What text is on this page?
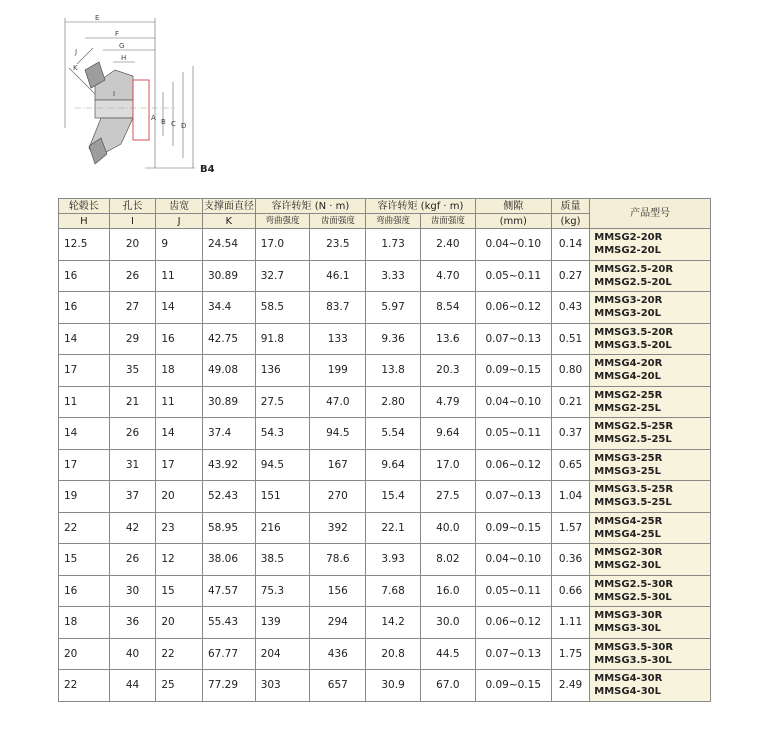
E
F
G
H
J
K
I
A B C D
B4
轮毂长	孔长	齿宽	支撑面直径	容许转矩 (N · m)		容许转矩 (kgf · m)		侧隙	质量	产品型号
H	I	J	K	弯曲强度	齿面强度	弯曲强度	齿面强度	(mm)	(kg)	
12.5	20	9	24.54	17.0	23.5	1.73	2.40	0.04~0.10	0.14	MMSG2-20R
MMSG2-20L

16	26	11	30.89	32.7	46.1	3.33	4.70	0.05~0.11	0.27	MMSG2.5-20R
MMSG2.5-20L

16	27	14	34.4	58.5	83.7	5.97	8.54	0.06~0.12	0.43	MMSG3-20R
MMSG3-20L

14	29	16	42.75	91.8	133	9.36	13.6	0.07~0.13	0.51	MMSG3.5-20R
MMSG3.5-20L

17	35	18	49.08	136	199	13.8	20.3	0.09~0.15	0.80	MMSG4-20R
MMSG4-20L

11	21	11	30.89	27.5	47.0	2.80	4.79	0.04~0.10	0.21	MMSG2-25R
MMSG2-25L

14	26	14	37.4	54.3	94.5	5.54	9.64	0.05~0.11	0.37	MMSG2.5-25R
MMSG2.5-25L

17	31	17	43.92	94.5	167	9.64	17.0	0.06~0.12	0.65	MMSG3-25R
MMSG3-25L

19	37	20	52.43	151	270	15.4	27.5	0.07~0.13	1.04	MMSG3.5-25R
MMSG3.5-25L

22	42	23	58.95	216	392	22.1	40.0	0.09~0.15	1.57	MMSG4-25R
MMSG4-25L

15	26	12	38.06	38.5	78.6	3.93	8.02	0.04~0.10	0.36	MMSG2-30R
MMSG2-30L

16	30	15	47.57	75.3	156	7.68	16.0	0.05~0.11	0.66	MMSG2.5-30R
MMSG2.5-30L

18	36	20	55.43	139	294	14.2	30.0	0.06~0.12	1.11	MMSG3-30R
MMSG3-30L

20	40	22	67.77	204	436	20.8	44.5	0.07~0.13	1.75	MMSG3.5-30R
MMSG3.5-30L

22	44	25	77.29	303	657	30.9	67.0	0.09~0.15	2.49	MMSG4-30R
MMSG4-30L
